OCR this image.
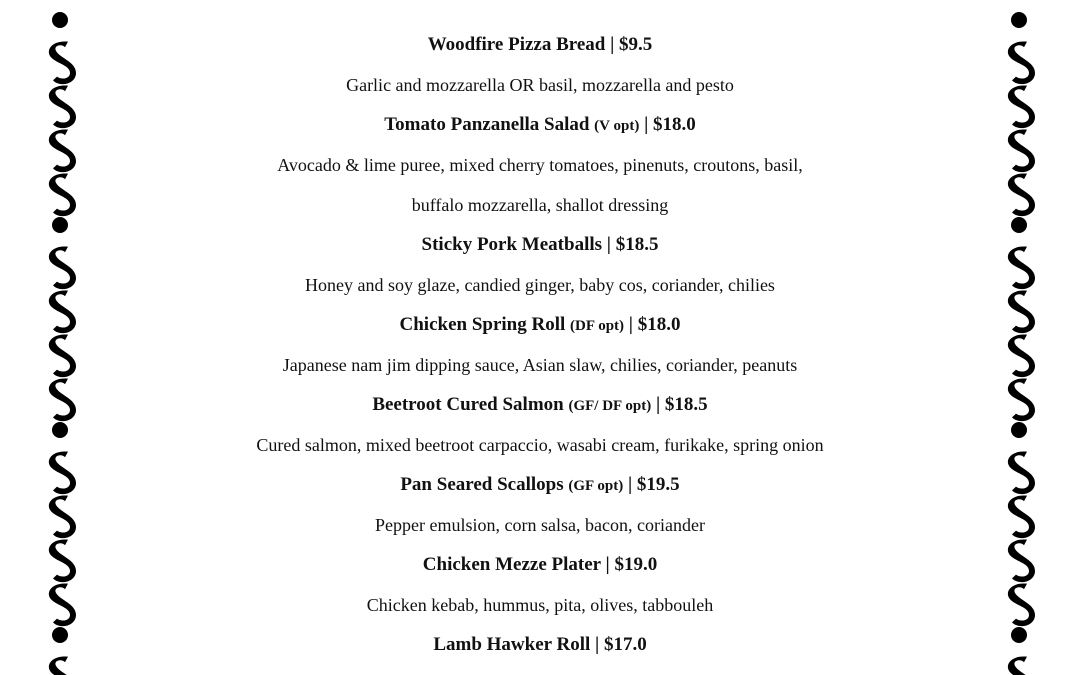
Woodfire Pizza Bread | $9.5
Garlic and mozzarella OR basil, mozzarella and pesto
Tomato Panzanella Salad (V opt) | $18.0
Avocado & lime puree, mixed cherry tomatoes, pinenuts, croutons, basil,
buffalo mozzarella, shallot dressing
Sticky Pork Meatballs | $18.5
Honey and soy glaze, candied ginger, baby cos, coriander, chilies
Chicken Spring Roll (DF opt) | $18.0
Japanese nam jim dipping sauce, Asian slaw, chilies, coriander, peanuts
Beetroot Cured Salmon (GF/ DF opt) | $18.5
Cured salmon, mixed beetroot carpaccio, wasabi cream, furikake, spring onion
Pan Seared Scallops (GF opt) | $19.5
Pepper emulsion, corn salsa, bacon, coriander
Chicken Mezze Plater | $19.0
Chicken kebab, hummus, pita, olives, tabbouleh
Lamb Hawker Roll | $17.0
